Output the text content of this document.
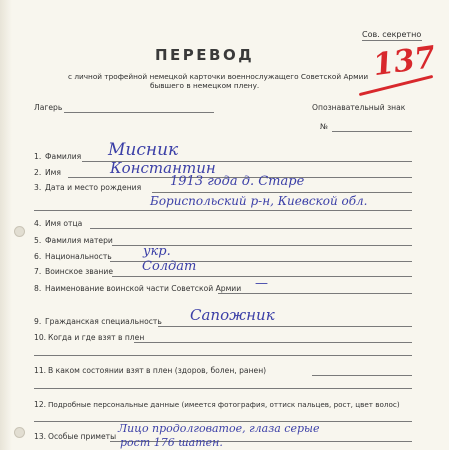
Сов. секретно
ПЕРЕВОД
с личной трофейной немецкой карточки военнослужащего Советской Армии
бывшего в немецком плену.
137
Лагерь	Опознавательный знак
№
1. Фамилия Мисник
2. Имя	Константин
3. Дата и место рождения 1913 года д. Старе
Бориспольский р-н, Киевской обл.
4. Имя отца
5. Фамилия матери
6. Национальность укр.
7. Воинское звание Солдат
8. Наименование воинской части Советской Армии —
9. Гражданская специальность Сапожник
10. Когда и где взят в плен
11. В каком состоянии взят в плен (здоров, болен, ранен)
12. Подробные персональные данные (имеется фотография, оттиск пальцев, рост, цвет волос)
13. Особые приметы
Лицо продолговатое, глаза серые
рост 176 шатен.
